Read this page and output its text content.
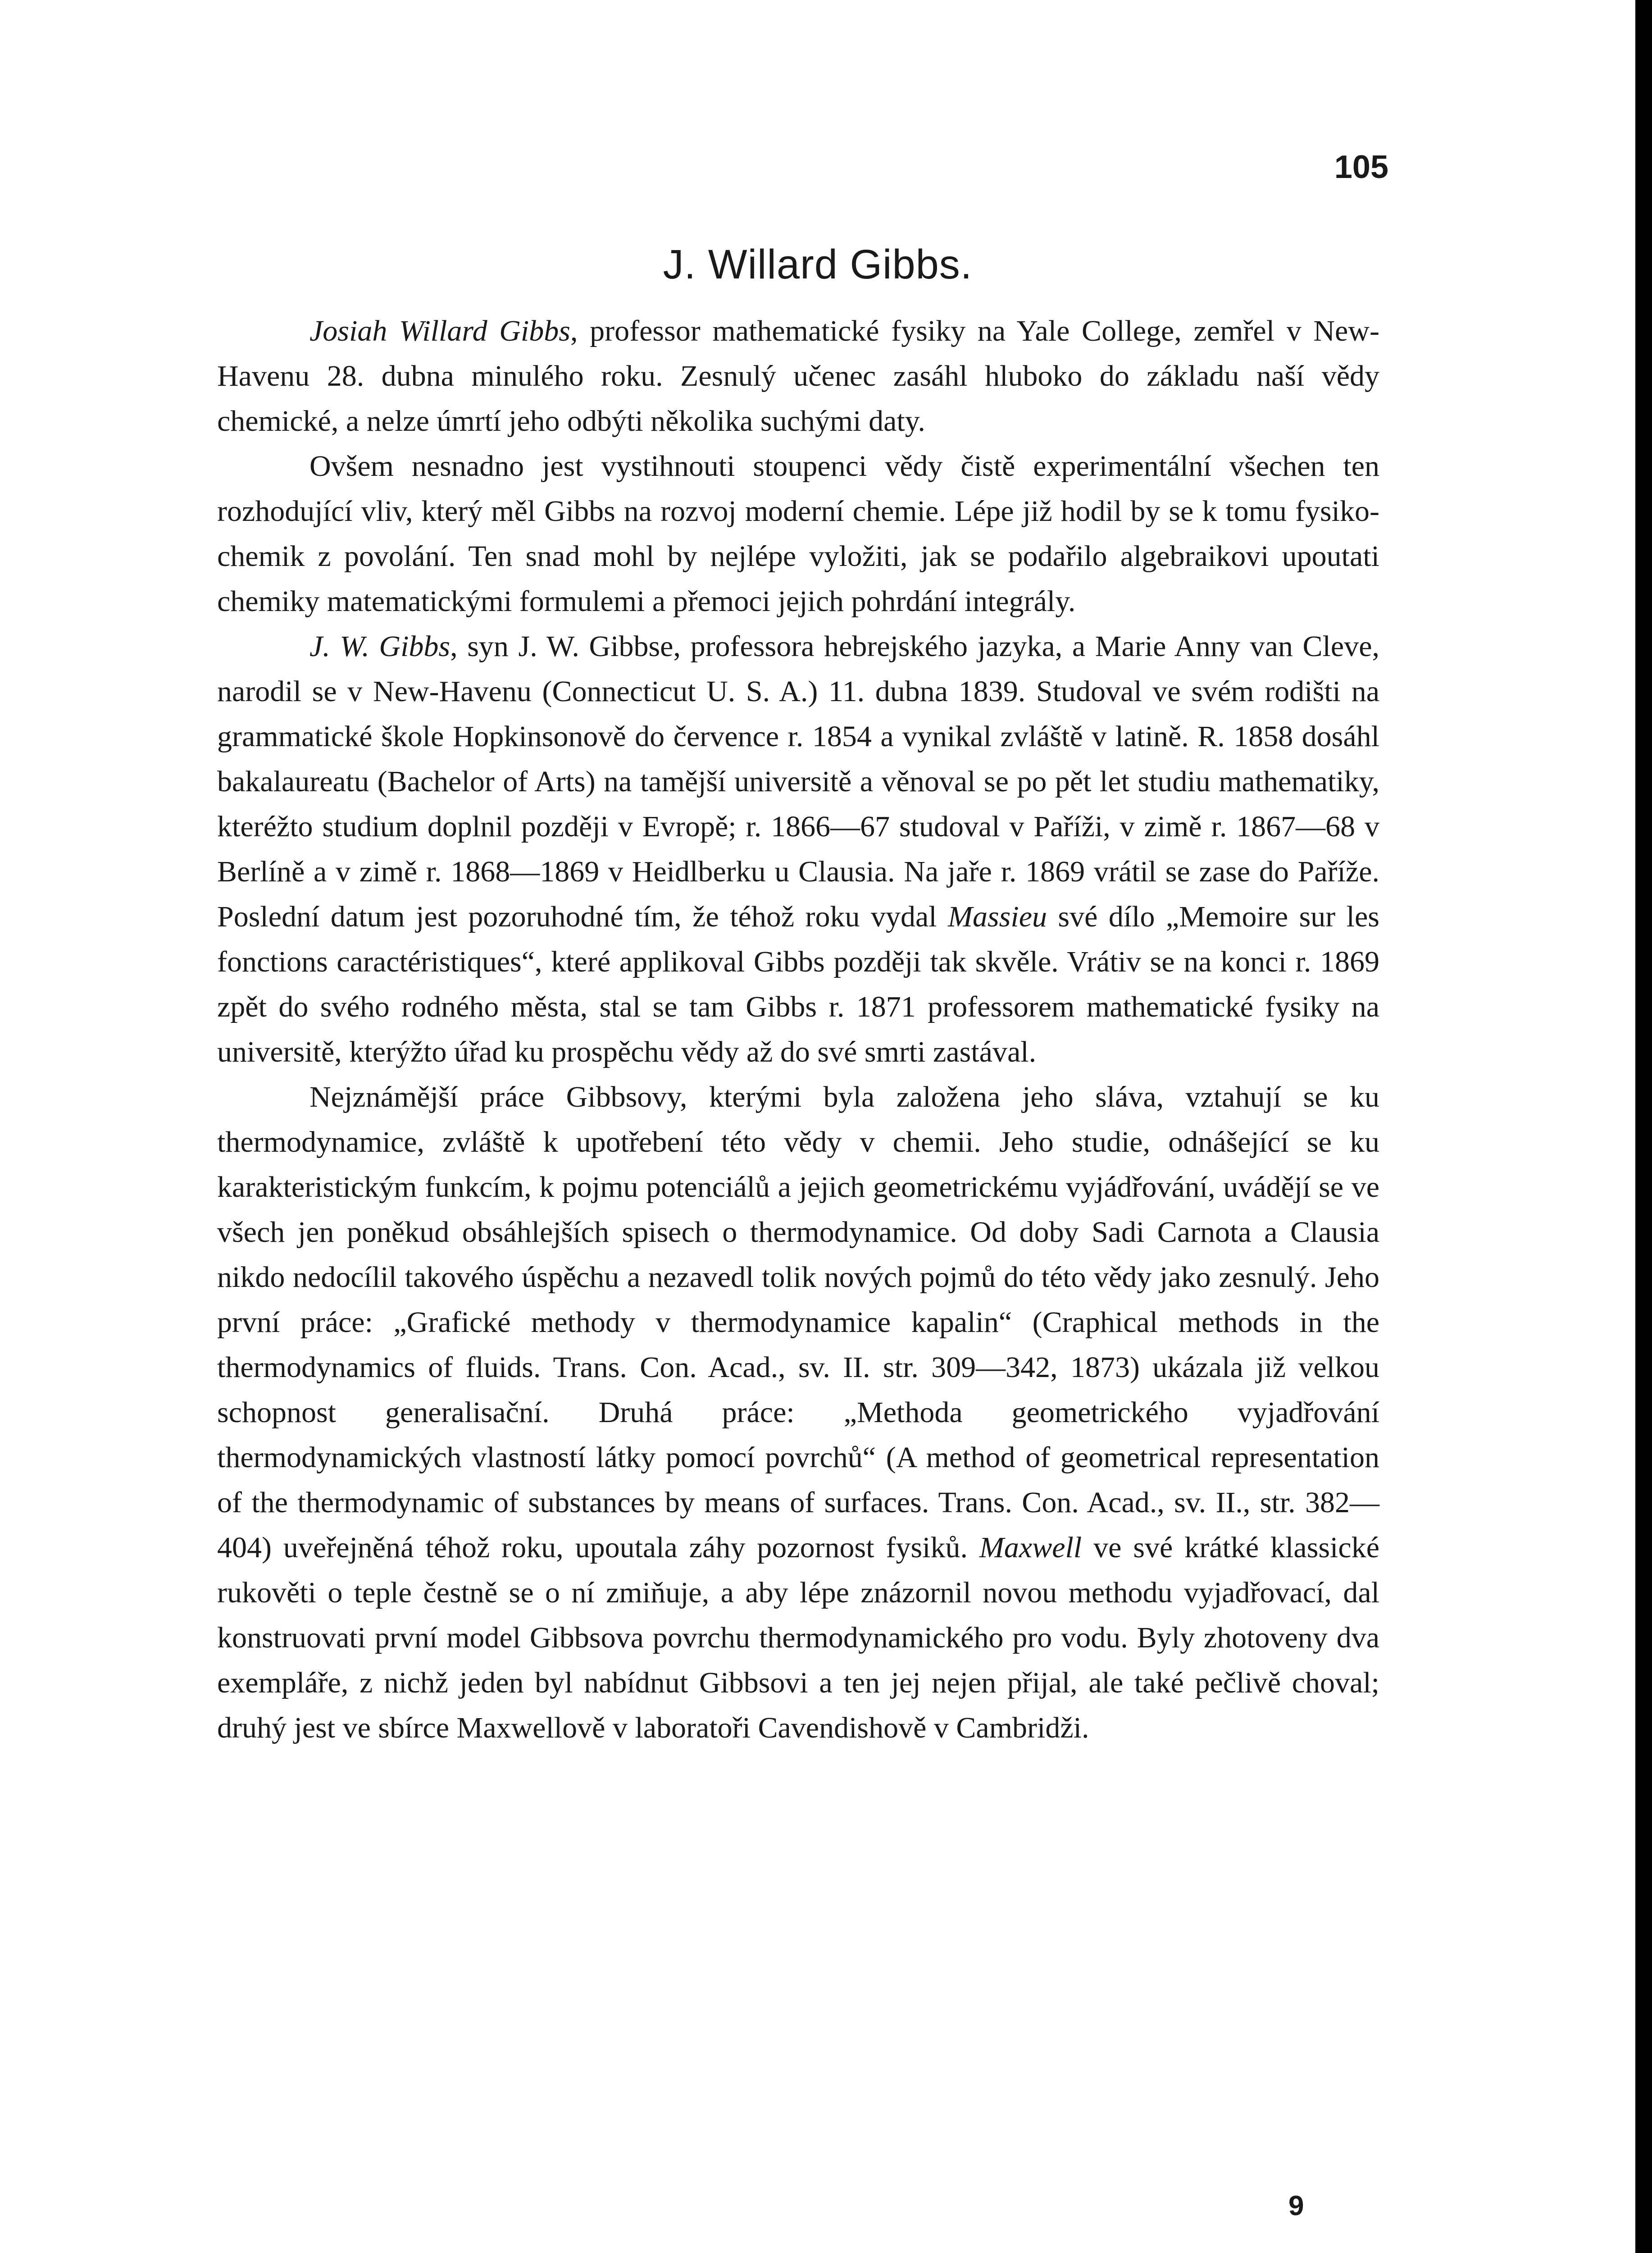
105
J. Willard Gibbs.

Josiah Willard Gibbs, professor mathematické fysiky na Yale College, zemřel v New-Havenu 28. dubna minulého roku. Zesnulý učenec zasáhl hluboko do základu naší vědy chemické, a nelze úmrtí jeho odbýti několika suchými daty.

Ovšem nesnadno jest vystihnouti stoupenci vědy čistě experimentální všechen ten rozhodující vliv, který měl Gibbs na rozvoj moderní chemie. Lépe již hodil by se k tomu fysiko-chemik z povolání. Ten snad mohl by nejlépe vyložiti, jak se podařilo algebraikovi upoutati chemiky matematickými formulemi a přemoci jejich pohrdání integrály.

J. W. Gibbs, syn J. W. Gibbse, professora hebrejského jazyka, a Marie Anny van Cleve, narodil se v New-Havenu (Connecticut U. S. A.) 11. dubna 1839. Studoval ve svém rodišti na grammatické škole Hopkinsonově do července r. 1854 a vynikal zvláště v latině. R. 1858 dosáhl bakalaureatu (Bachelor of Arts) na tamější universitě a věnoval se po pět let studiu mathematiky, kteréžto studium doplnil později v Evropě; r. 1866—67 studoval v Paříži, v zimě r. 1867—68 v Berlíně a v zimě r. 1868—1869 v Heidlberku u Clausia. Na jaře r. 1869 vrátil se zase do Paříže. Poslední datum jest pozoruhodné tím, že téhož roku vydal Massieu své dílo „Memoire sur les fonctions caractéristiques“, které applikoval Gibbs později tak skvěle. Vrátiv se na konci r. 1869 zpět do svého rodného města, stal se tam Gibbs r. 1871 professorem mathematické fysiky na universitě, kterýžto úřad ku prospěchu vědy až do své smrti zastával.

Nejznámější práce Gibbsovy, kterými byla založena jeho sláva, vztahují se ku thermodynamice, zvláště k upotřebení této vědy v chemii. Jeho studie, odnášející se ku karakteristickým funkcím, k pojmu potenciálů a jejich geometrickému vyjádřování, uvádějí se ve všech jen poněkud obsáhlejších spisech o thermodynamice. Od doby Sadi Carnota a Clausia nikdo nedocílil takového úspěchu a nezavedl tolik nových pojmů do této vědy jako zesnulý. Jeho první práce: „Grafické methody v thermodynamice kapalin“ (Craphical methods in the thermodynamics of fluids. Trans. Con. Acad., sv. II. str. 309—342, 1873) ukázala již velkou schopnost generalisační. Druhá práce: „Methoda geometrického vyjadřování thermodynamických vlastností látky pomocí povrchů“ (A method of geometrical representation of the thermodynamic of substances by means of surfaces. Trans. Con. Acad., sv. II., str. 382—404) uveřejněná téhož roku, upoutala záhy pozornost fysiků. Maxwell ve své krátké klassické rukověti o teple čestně se o ní zmiňuje, a aby lépe znázornil novou methodu vyjadřovací, dal konstruovati první model Gibbsova povrchu thermodynamického pro vodu. Byly zhotoveny dva exempláře, z nichž jeden byl nabídnut Gibbsovi a ten jej nejen přijal, ale také pečlivě choval; druhý jest ve sbírce Maxwellově v laboratoři Cavendishově v Cambridži.

9
